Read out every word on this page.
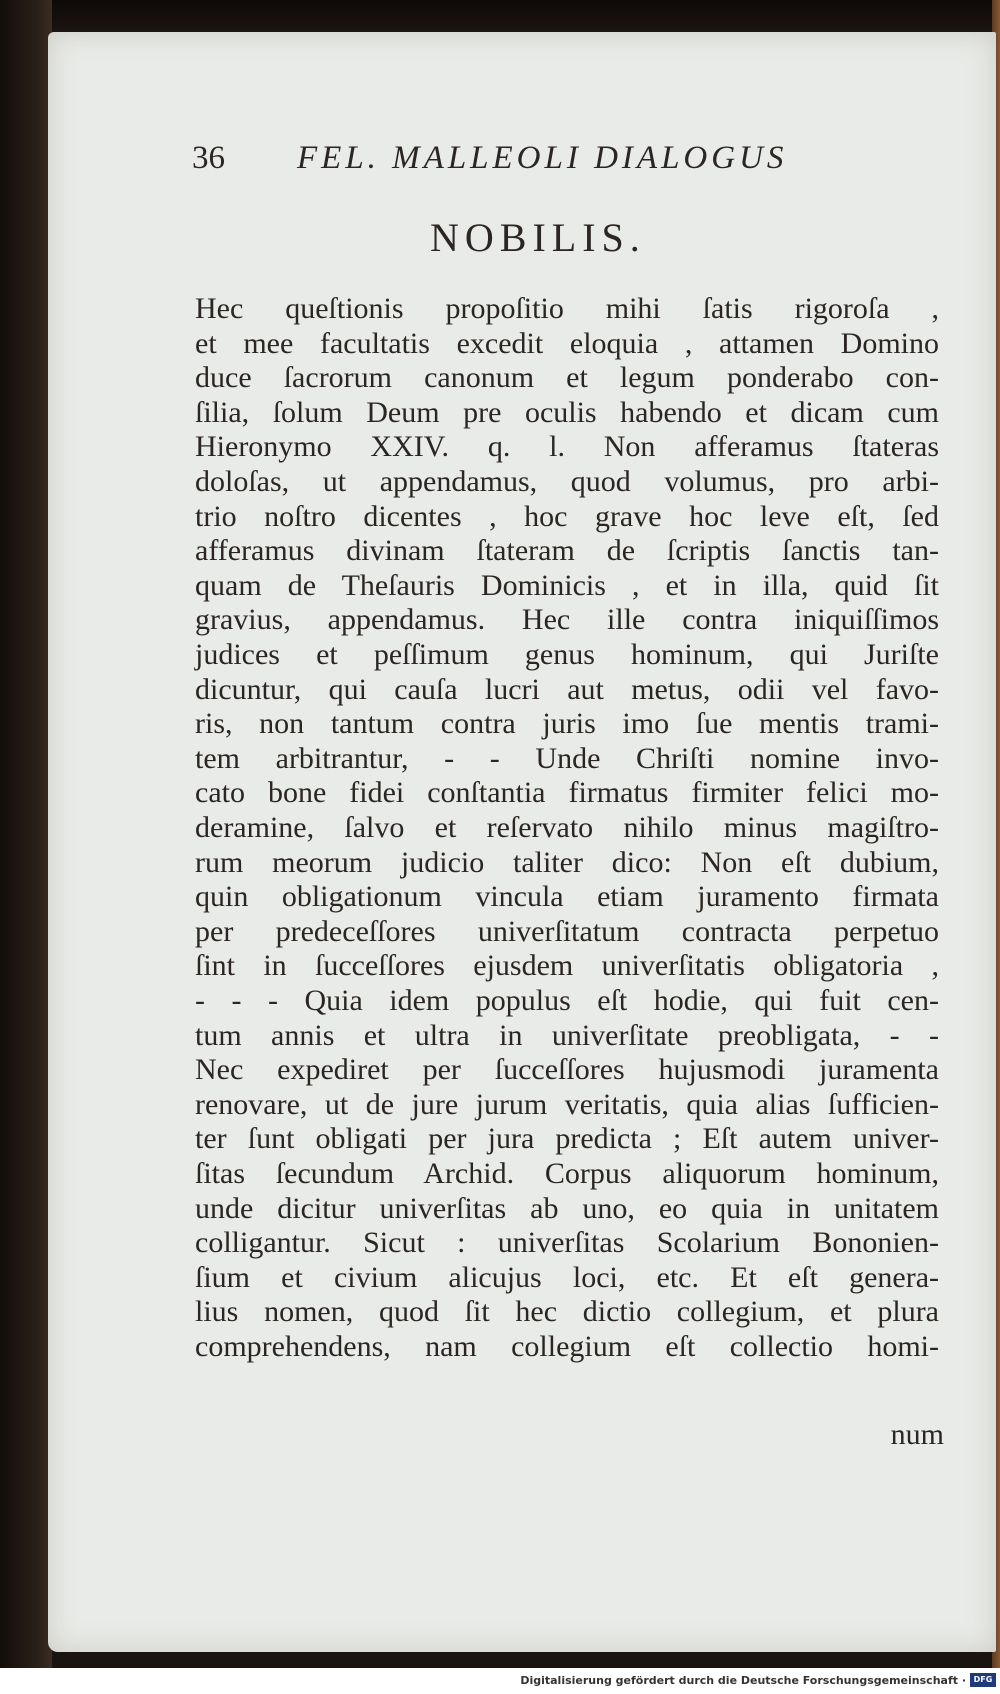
36 FEL. MALLEOLI DIALOGUS
NOBILIS.
Hec queſtionis propoſitio mihi ſatis rigoroſa ,
et mee facultatis excedit eloquia , attamen Domino
duce ſacrorum canonum et legum ponderabo con-
ſilia, ſolum Deum pre oculis habendo et dicam cum
Hieronymo XXIV. q. l. Non afferamus ſtateras
doloſas, ut appendamus, quod volumus, pro arbi-
trio noſtro dicentes , hoc grave hoc leve eſt, ſed
afferamus divinam ſtateram de ſcriptis ſanctis tan-
quam de Theſauris Dominicis , et in illa, quid ſit
gravius, appendamus. Hec ille contra iniquiſſimos
judices et peſſimum genus hominum, qui Juriſte
dicuntur, qui cauſa lucri aut metus, odii vel favo-
ris, non tantum contra juris imo ſue mentis trami-
tem arbitrantur, - - Unde Chriſti nomine invo-
cato bone fidei conſtantia firmatus firmiter felici mo-
deramine, ſalvo et reſervato nihilo minus magiſtro-
rum meorum judicio taliter dico: Non eſt dubium,
quin obligationum vincula etiam juramento firmata
per predeceſſores univerſitatum contracta perpetuo
ſint in ſucceſſores ejusdem univerſitatis obligatoria ,
- - - Quia idem populus eſt hodie, qui fuit cen-
tum annis et ultra in univerſitate preobligata, - -
Nec expediret per ſucceſſores hujusmodi juramenta
renovare, ut de jure jurum veritatis, quia alias ſufficien-
ter ſunt obligati per jura predicta ; Eſt autem univer-
ſitas ſecundum Archid. Corpus aliquorum hominum,
unde dicitur univerſitas ab uno, eo quia in unitatem
colligantur. Sicut : univerſitas Scolarium Bononien-
ſium et civium alicujus loci, etc. Et eſt genera-
lius nomen, quod ſit hec dictio collegium, et plura
comprehendens, nam collegium eſt collectio homi-
num
Digitalisierung gefördert durch die Deutsche Forschungsgemeinschaft · DFG
